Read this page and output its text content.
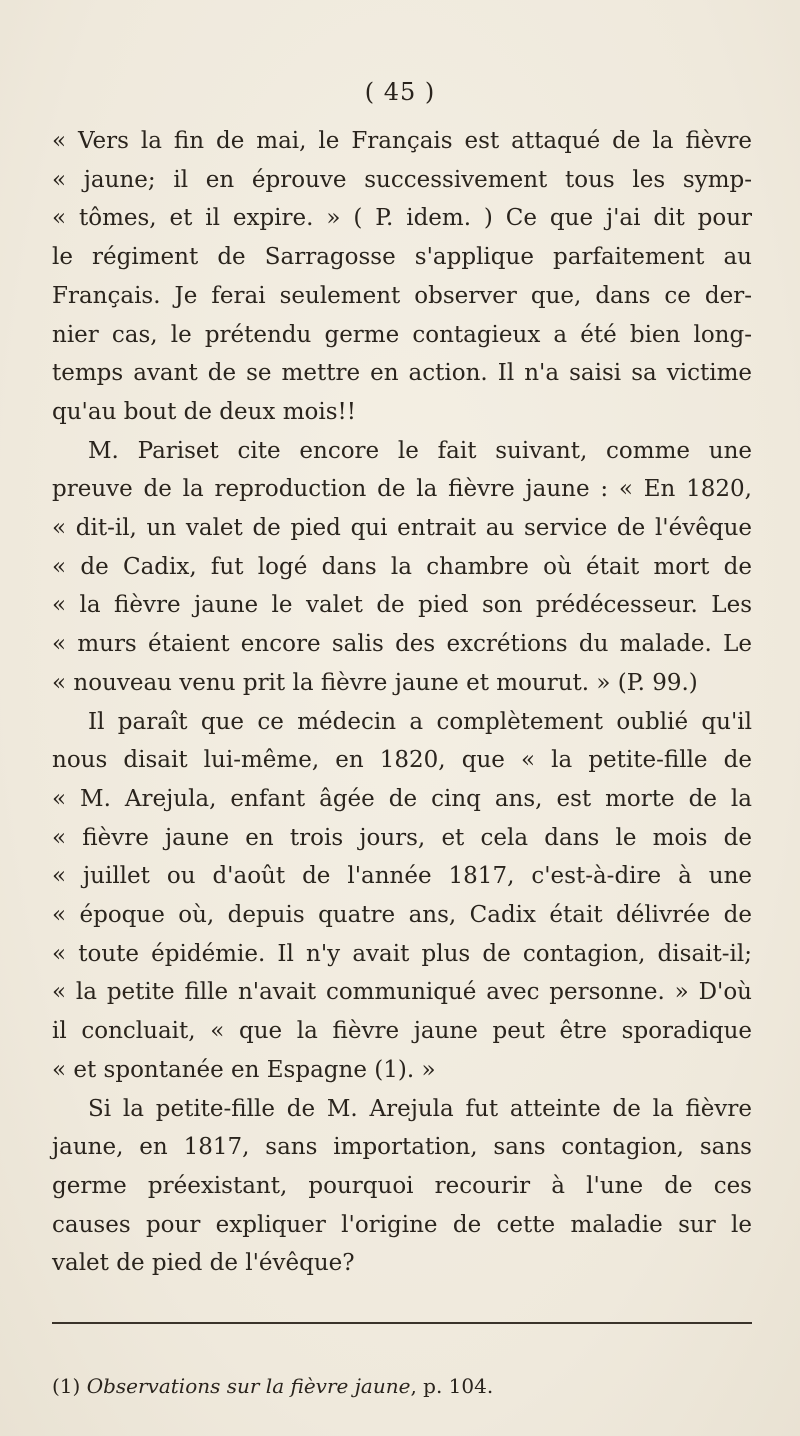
( 45 )
« Vers la fin de mai, le Français est attaqué de la fièvre
« jaune; il en éprouve successivement tous les symp-
« tômes, et il expire. » ( P. idem. ) Ce que j'ai dit pour
le régiment de Sarragosse s'applique parfaitement au
Français. Je ferai seulement observer que, dans ce der-
nier cas, le prétendu germe contagieux a été bien long-
temps avant de se mettre en action. Il n'a saisi sa victime
qu'au bout de deux mois!!
M. Pariset cite encore le fait suivant, comme une
preuve de la reproduction de la fièvre jaune : « En 1820,
« dit-il, un valet de pied qui entrait au service de l'évêque
« de Cadix, fut logé dans la chambre où était mort de
« la fièvre jaune le valet de pied son prédécesseur. Les
« murs étaient encore salis des excrétions du malade. Le
« nouveau venu prit la fièvre jaune et mourut. » (P. 99.)
Il paraît que ce médecin a complètement oublié qu'il
nous disait lui-même, en 1820, que « la petite-fille de
« M. Arejula, enfant âgée de cinq ans, est morte de la
« fièvre jaune en trois jours, et cela dans le mois de
« juillet ou d'août de l'année 1817, c'est-à-dire à une
« époque où, depuis quatre ans, Cadix était délivrée de
« toute épidémie. Il n'y avait plus de contagion, disait-il;
« la petite fille n'avait communiqué avec personne. » D'où
il concluait, « que la fièvre jaune peut être sporadique
« et spontanée en Espagne (1). »
Si la petite-fille de M. Arejula fut atteinte de la fièvre
jaune, en 1817, sans importation, sans contagion, sans
germe préexistant, pourquoi recourir à l'une de ces
causes pour expliquer l'origine de cette maladie sur le
valet de pied de l'évêque?
(1) Observations sur la fièvre jaune, p. 104.
